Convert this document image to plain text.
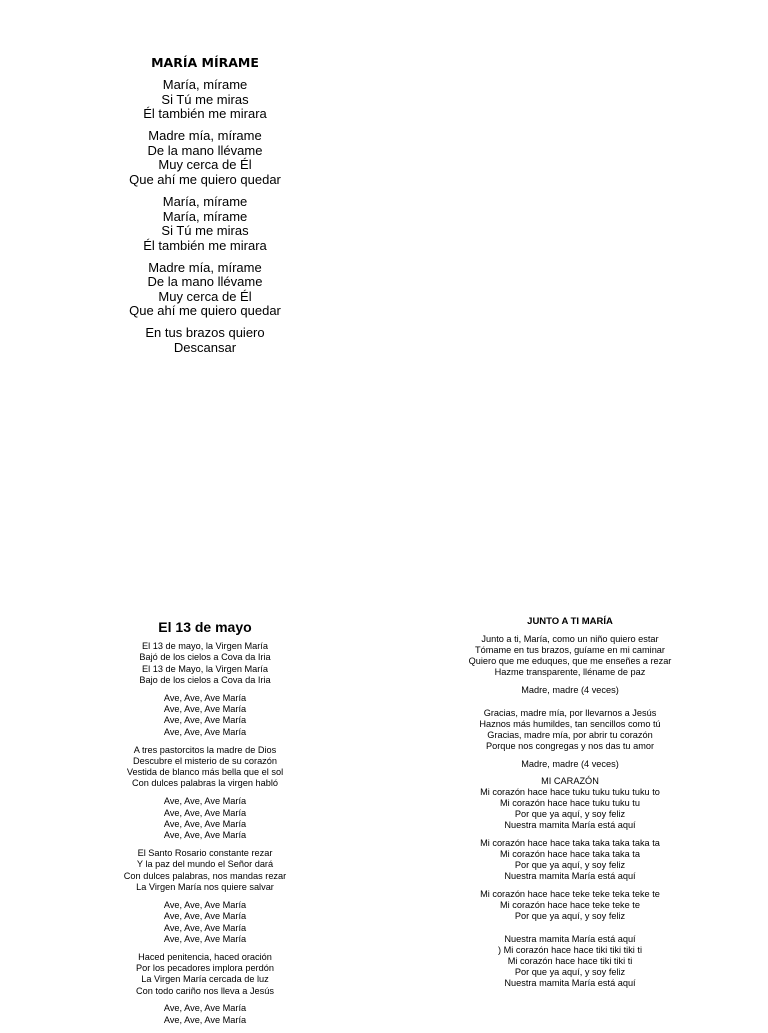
MARÍA MÍRAME
María, mírame
Si Tú me miras
Él también me mirara
Madre mía, mírame
De la mano llévame
Muy cerca de Él
Que ahí me quiero quedar
María, mírame
María, mírame
Si Tú me miras
Él también me mirara
Madre mía, mírame
De la mano llévame
Muy cerca de Él
Que ahí me quiero quedar
En tus brazos quiero
Descansar
El 13 de mayo
El 13 de mayo, la Virgen María
Bajó de los cielos a Cova da Iria
El 13 de Mayo, la Virgen María
Bajo de los cielos a Cova da Iria
Ave, Ave, Ave María
Ave, Ave, Ave María
Ave, Ave, Ave María
Ave, Ave, Ave María
A tres pastorcitos la madre de Dios
Descubre el misterio de su corazón
Vestida de blanco más bella que el sol
Con dulces palabras la virgen habló
Ave, Ave, Ave María
Ave, Ave, Ave María
Ave, Ave, Ave María
Ave, Ave, Ave María
El Santo Rosario constante rezar
Y la paz del mundo el Señor dará
Con dulces palabras, nos mandas rezar
La Virgen María nos quiere salvar
Ave, Ave, Ave María
Ave, Ave, Ave María
Ave, Ave, Ave María
Ave, Ave, Ave María
Haced penitencia, haced oración
Por los pecadores implora perdón
La Virgen María cercada de luz
Con todo cariño nos lleva a Jesús
Ave, Ave, Ave María
Ave, Ave, Ave María
JUNTO A TI MARÍA
Junto a ti, María, como un niño quiero estar
Tómame en tus brazos, guíame en mi caminar
Quiero que me eduques, que me enseñes a rezar
Hazme transparente, lléname de paz
Madre, madre (4 veces)
Gracias, madre mía, por llevarnos a Jesús
Haznos más humildes, tan sencillos como tú
Gracias, madre mía, por abrir tu corazón
Porque nos congregas y nos das tu amor
Madre, madre (4 veces)
MI CARAZÓN
Mi corazón hace hace tuku tuku tuku tuku to
Mi corazón hace hace tuku tuku tu
Por que ya aquí, y soy feliz
Nuestra mamita María está aquí
Mi corazón hace hace taka taka taka taka ta
Mi corazón hace hace taka taka ta
Por que ya aquí, y soy feliz
Nuestra mamita María está aquí
Mi corazón hace hace teke teke teka teke te
Mi corazón hace hace teke teke te
Por que ya aquí, y soy feliz
Nuestra mamita María está aquí
) Mi corazón hace hace tiki tiki tiki ti
Mi corazón hace hace tiki tiki ti
Por que ya aquí, y soy feliz
Nuestra mamita María está aquí
